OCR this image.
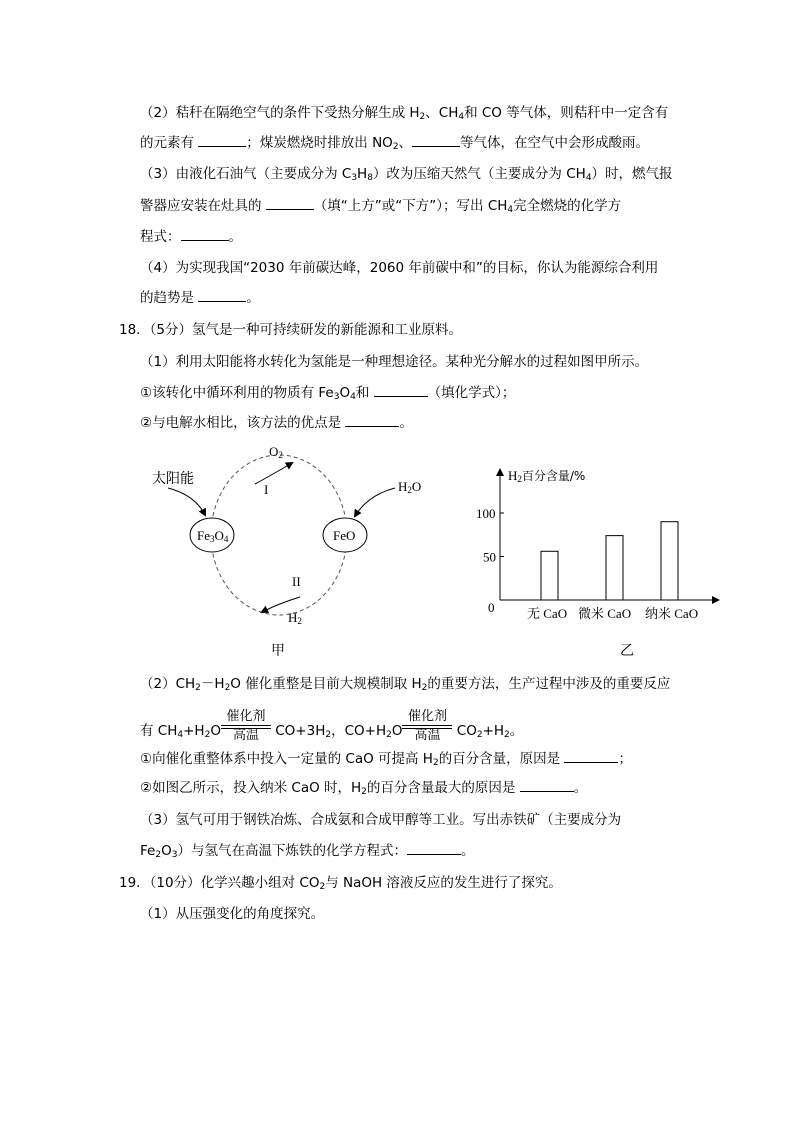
（2）秸秆在隔绝空气的条件下受热分解生成 $H_2$、$CH_4$和 CO 等气体，则秸秆中一定含有
的元素有	；煤炭燃烧时排放出 $NO_2$、	等气体，在空气中会形成酸雨。
（3）由液化石油气（主要成分为 $C_3H_8$）改为压缩天然气（主要成分为 $CH_4$）时，燃气报
警器应安装在灶具的	（填“上方”或“下方”）；写出 $CH_4$完全燃烧的化学方
程式：	。
（4）为实现我国“2030 年前碳达峰，2060 年前碳中和”的目标，你认为能源综合利用
的趋势是	。
18．（5分）氢气是一种可持续研发的新能源和工业原料。
（1）利用太阳能将水转化为氢能是一种理想途径。某种光分解水的过程如图甲所示。
①该转化中循环利用的物质有 $Fe_3O_4$和	（填化学式）；
②与电解水相比，该方法的优点是	。
Fe3O4	FeO
太阳能	H2O
O2
I
II
H2
甲
H2百分含量/%
乙
无 CaO 微米 CaO 纳米 CaO
0
50
100
$(2)CH_2-H_2O$ 催化重整是目前大规模制取 $H_2$的重要方法，生产过程中涉及的重要反应
有 $CH_4+H_2O$
催化剂
高温	$CO+3H_2$，$CO+H_2O$
催化剂
高温	$CO_2+H_2$。
①向催化重整体系中投入一定量的 CaO 可提高 $H_2$的百分含量，原因是	；
②如图乙所示，投入纳米 CaO 时，$H_2$的百分含量最大的原因是	。
（3）氢气可用于钢铁冶炼、合成氨和合成甲醇等工业。写出赤铁矿（主要成分为
$Fe_2O_3$）与氢气在高温下炼铁的化学方程式：	。
19．（10分）化学兴趣小组对 $CO_2$与 NaOH 溶液反应的发生进行了探究。
（1）从压强变化的角度探究。
